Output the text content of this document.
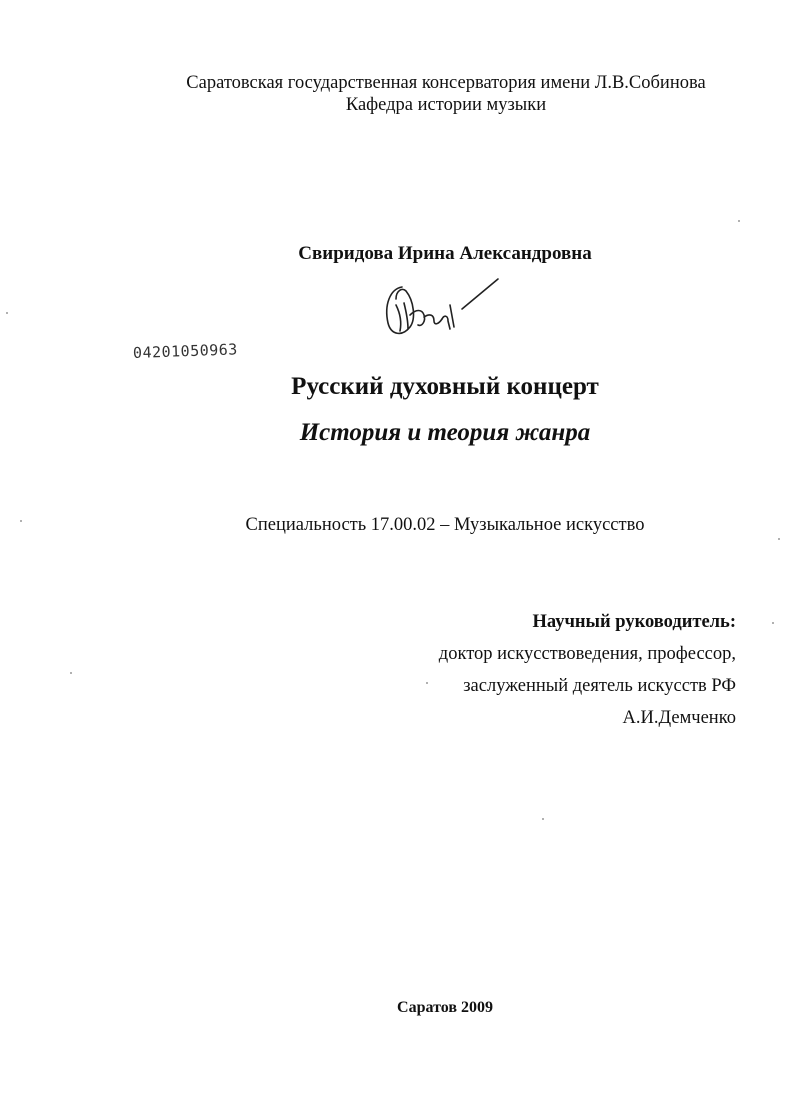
Саратовская государственная консерватория имени Л.В.Собинова
Кафедра истории музыки
Свиридова Ирина Александровна
04201050963
Русский духовный концерт
История и теория жанра
Специальность 17.00.02 – Музыкальное искусство
Научный руководитель:
доктор искусствоведения, профессор,
заслуженный деятель искусств РФ
А.И.Демченко
Саратов 2009
